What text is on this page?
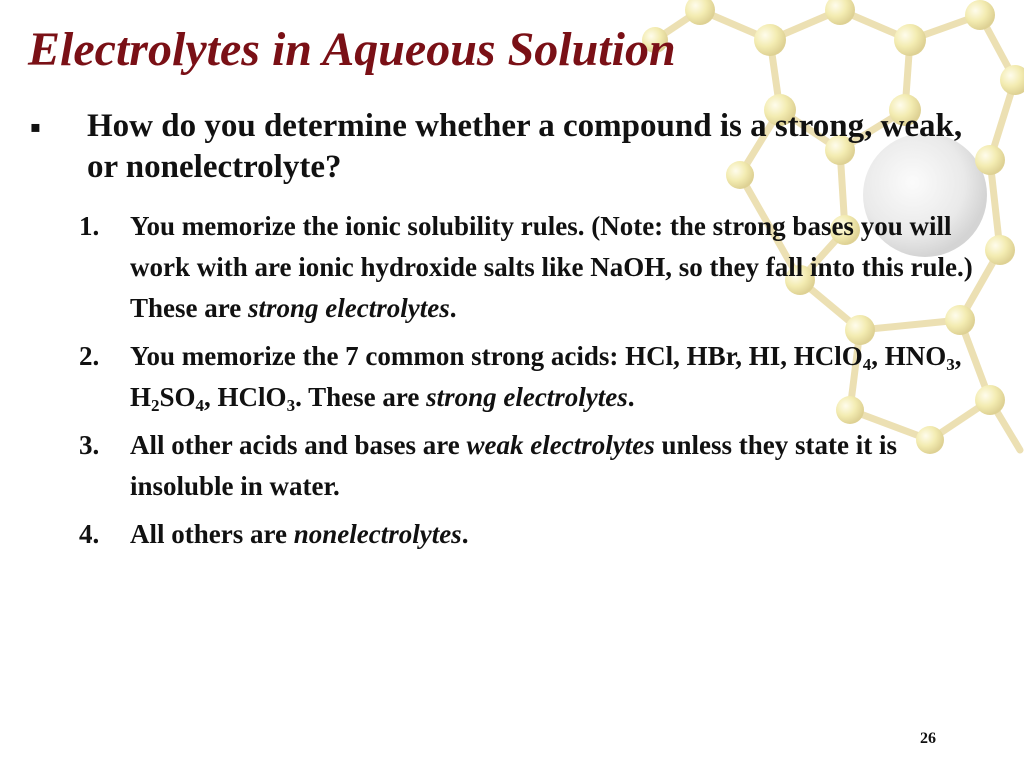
Electrolytes in Aqueous Solution
▪ How do you determine whether a compound is a strong, weak, or nonelectrolyte?

1.	You memorize the ionic solubility rules. (Note: the strong bases you will work with are ionic hydroxide salts like NaOH, so they fall into this rule.) These are strong electrolytes.
2.	You memorize the 7 common strong acids: HCl, HBr, HI, HClO$_4$, $HNO_3$, $H_2SO_4$, HClO$_3$. These are strong electrolytes.
3.	All other acids and bases are weak electrolytes unless they state it is insoluble in water.
4.	All others are nonelectrolytes.
26
